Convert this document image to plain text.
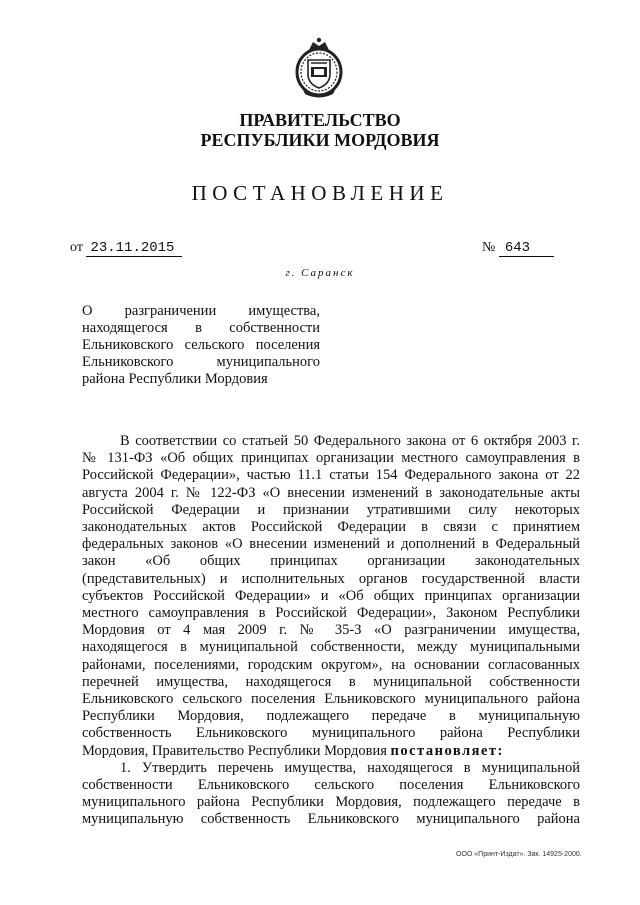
ПРАВИТЕЛЬСТВО
РЕСПУБЛИКИ МОРДОВИЯ
ПОСТАНОВЛЕНИЕ
от 23.11.2015	№ 643
г. Саранск
О разграничении имущества,
находящегося в собственности
Ельниковского сельского поселения
Ельниковского муниципального
района Республики Мордовия
В соответствии со статьей 50 Федерального закона от 6 октября 2003 г.
№ 131-ФЗ «Об общих принципах организации местного самоуправления в
Российской Федерации», частью 11.1 статьи 154 Федерального закона от 22
августа 2004 г. № 122-ФЗ «О внесении изменений в законодательные акты
Российской Федерации и признании утратившими силу некоторых
законодательных актов Российской Федерации в связи с принятием
федеральных законов «О внесении изменений и дополнений в Федеральный
закон «Об общих принципах организации законодательных
(представительных) и исполнительных органов государственной власти
субъектов Российской Федерации» и «Об общих принципах организации
местного самоуправления в Российской Федерации», Законом Республики
Мордовия от 4 мая 2009 г. № 35-З «О разграничении имущества,
находящегося в муниципальной собственности, между муниципальными
районами, поселениями, городским округом», на основании согласованных
перечней имущества, находящегося в муниципальной собственности
Ельниковского сельского поселения Ельниковского муниципального района
Республики Мордовия, подлежащего передаче в муниципальную
собственность Ельниковского муниципального района Республики
Мордовия, Правительство Республики Мордовия постановляет:
1. Утвердить перечень имущества, находящегося в муниципальной
собственности Ельниковского сельского поселения Ельниковского
муниципального района Республики Мордовия, подлежащего передаче в
муниципальную собственность Ельниковского муниципального района
ООО «Принт-Издат». Зак. 14925-2000.
